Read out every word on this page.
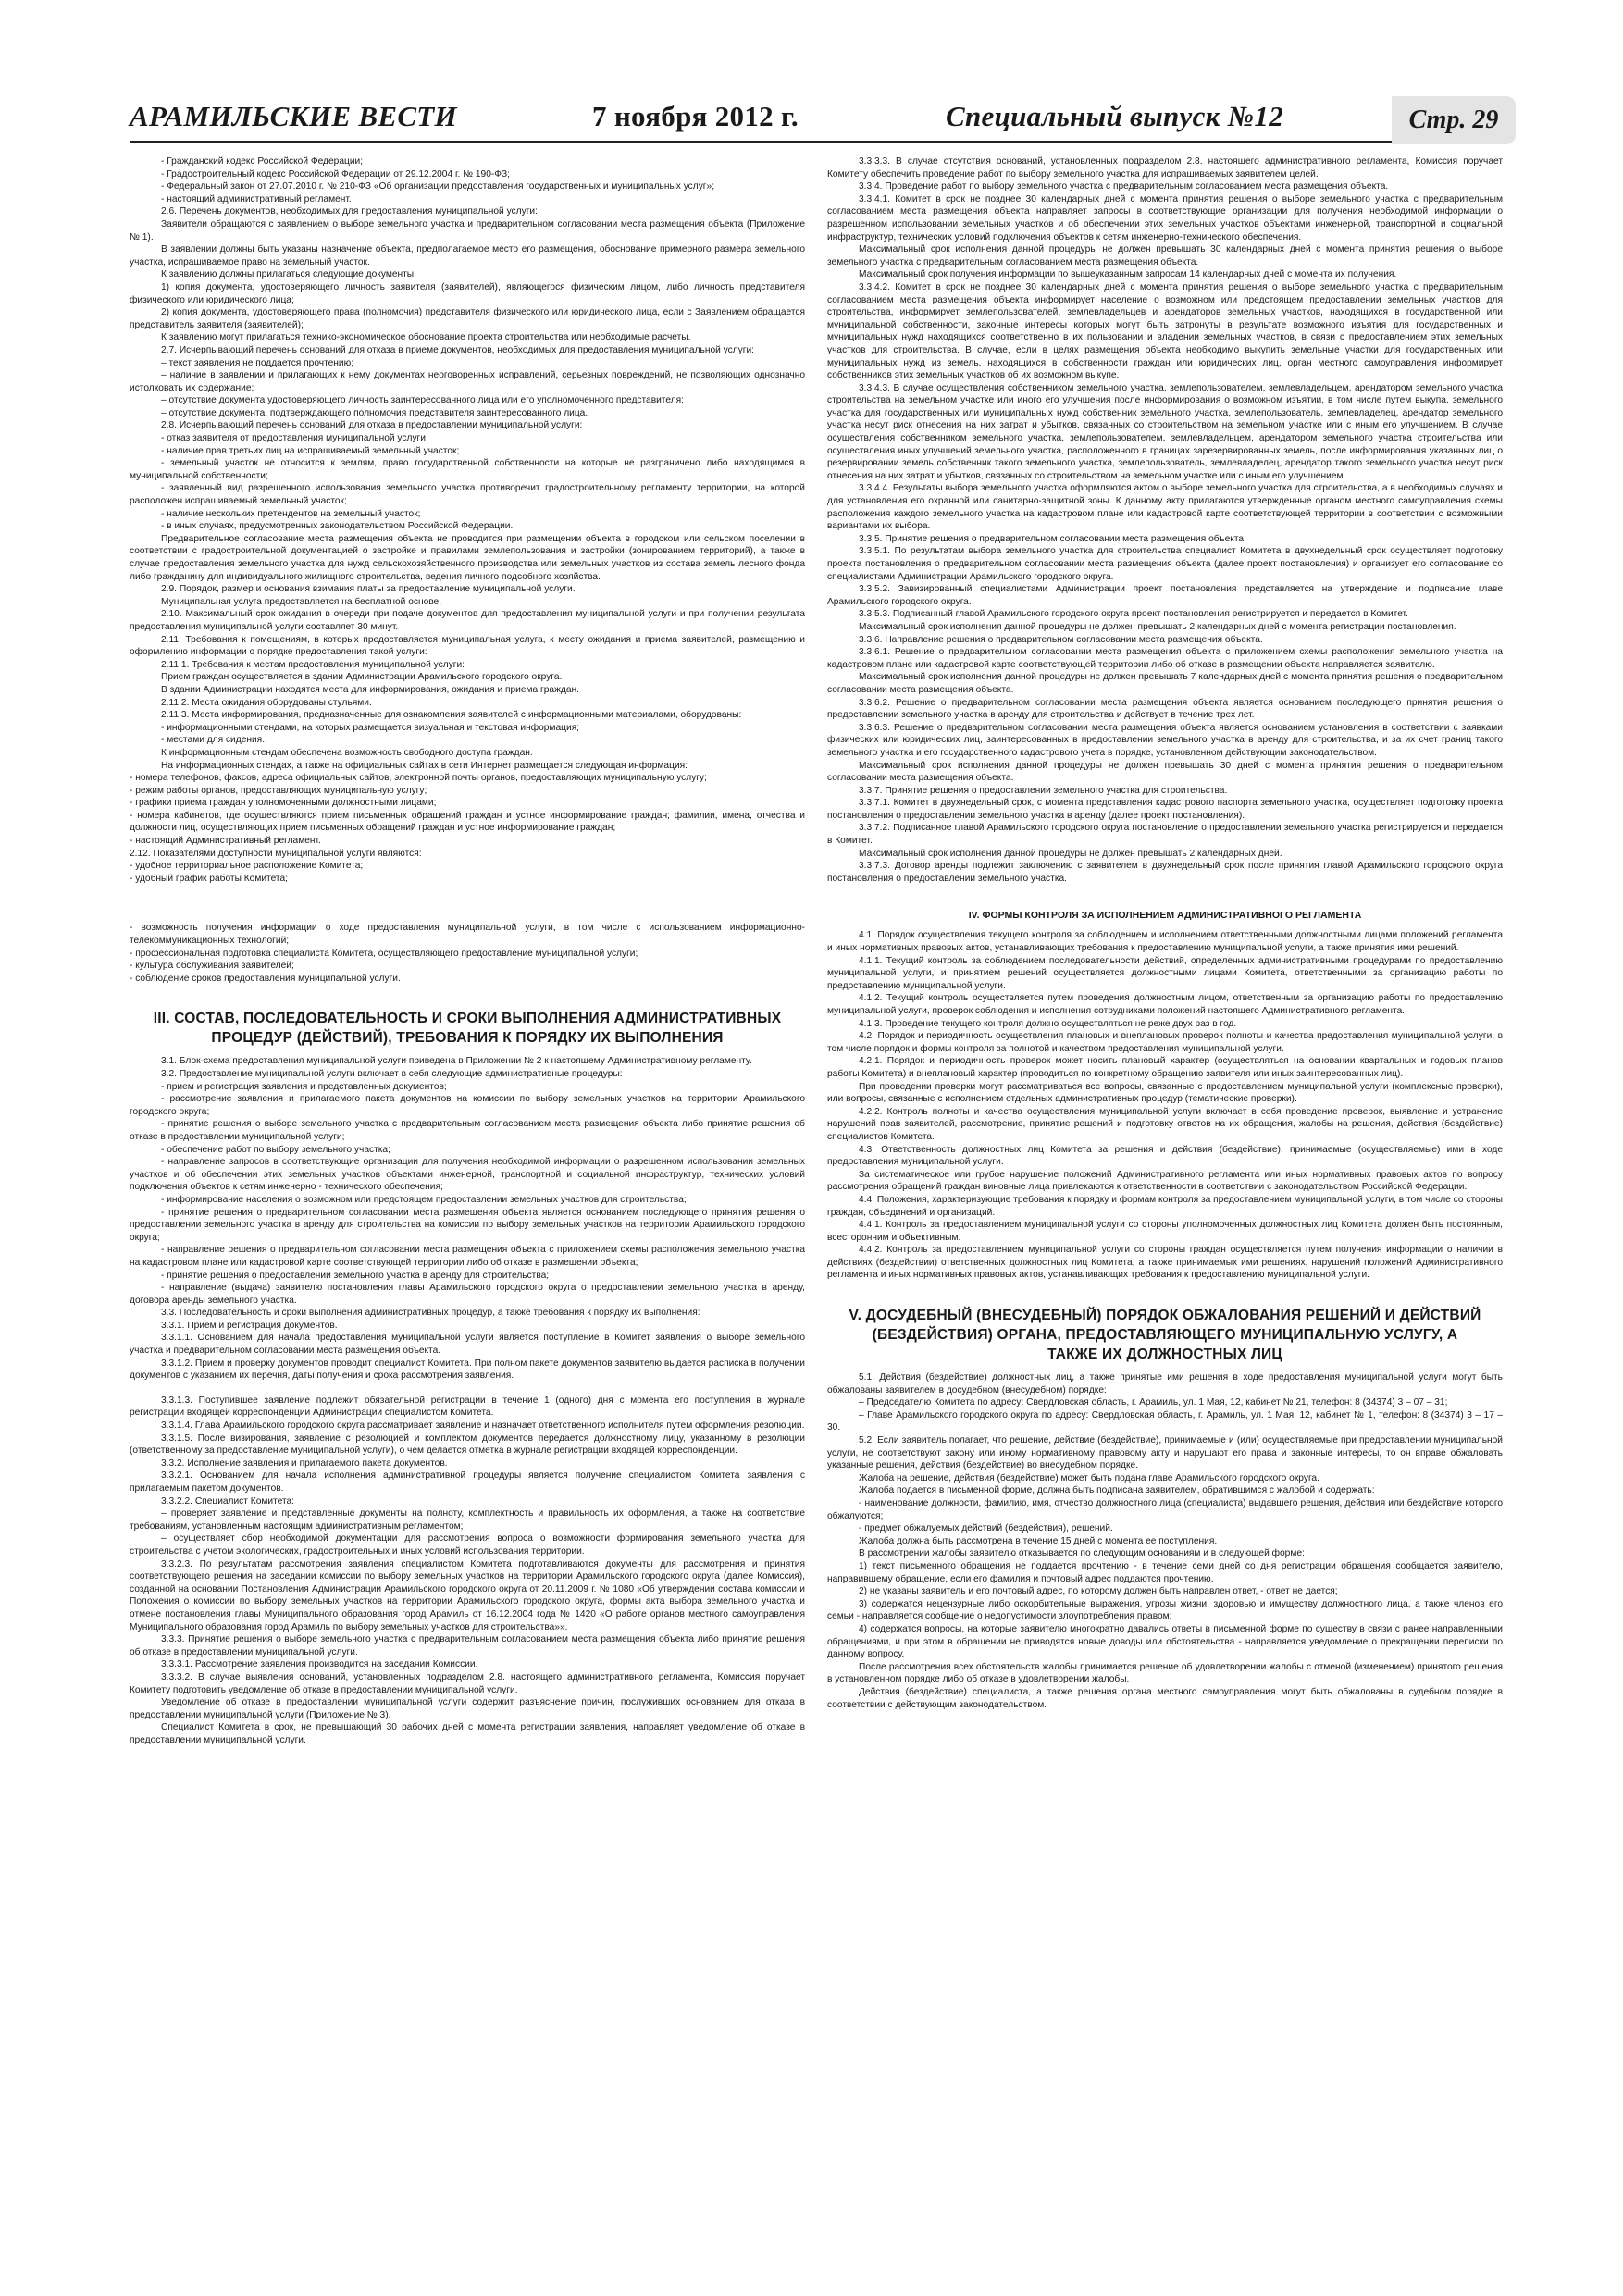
АРАМИЛЬСКИЕ ВЕСТИ	7 ноября 2012 г.	Специальный выпуск №12	Стр. 29

- Гражданский кодекс Российской Федерации;

- Градостроительный кодекс Российской Федерации от 29.12.2004 г. № 190-ФЗ;

- Федеральный закон от 27.07.2010 г. № 210-ФЗ «Об организации предоставления государственных и муниципальных услуг»;

- настоящий административный регламент.

2.6. Перечень документов, необходимых для предоставления муниципальной услуги:

Заявители обращаются с заявлением о выборе земельного участка и предварительном согласовании места размещения объекта (Приложение № 1).

В заявлении должны быть указаны назначение объекта, предполагаемое место его размещения, обоснование примерного размера земельного участка, испрашиваемое право на земельный участок.

К заявлению должны прилагаться следующие документы:

1) копия документа, удостоверяющего личность заявителя (заявителей), являющегося физическим лицом, либо личность представителя физического или юридического лица;

2) копия документа, удостоверяющего права (полномочия) представителя физического или юридического лица, если с Заявлением обращается представитель заявителя (заявителей);

К заявлению могут прилагаться технико-экономическое обоснование проекта строительства или необходимые расчеты.

2.7. Исчерпывающий перечень оснований для отказа в приеме документов, необходимых для предоставления муниципальной услуги:

– текст заявления не поддается прочтению;

– наличие в заявлении и прилагающих к нему документах неоговоренных исправлений, серьезных повреждений, не позволяющих однозначно истолковать их содержание;

– отсутствие документа удостоверяющего личность заинтересованного лица или его уполномоченного представителя;

– отсутствие документа, подтверждающего полномочия представителя заинтересованного лица.

2.8. Исчерпывающий перечень оснований для отказа в предоставлении муниципальной услуги:

- отказ заявителя от предоставления муниципальной услуги;

- наличие прав третьих лиц на испрашиваемый земельный участок;

- земельный участок не относится к землям, право государственной собственности на которые не разграничено либо находящимся в муниципальной собственности;

- заявленный вид разрешенного использования земельного участка противоречит градостроительному регламенту территории, на которой расположен испрашиваемый земельный участок;

- наличие нескольких претендентов на земельный участок;

- в иных случаях, предусмотренных законодательством Российской Федерации.

Предварительное согласование места размещения объекта не проводится при размещении объекта в городском или сельском поселении в соответствии с градостроительной документацией о застройке и правилами землепользования и застройки (зонированием территорий), а также в случае предоставления земельного участка для нужд сельскохозяйственного производства или земельных участков из состава земель лесного фонда либо гражданину для индивидуального жилищного строительства, ведения личного подсобного хозяйства.

2.9. Порядок, размер и основания взимания платы за предоставление муниципальной услуги.

Муниципальная услуга предоставляется на бесплатной основе.

2.10. Максимальный срок ожидания в очереди при подаче документов для предоставления муниципальной услуги и при получении результата предоставления муниципальной услуги составляет 30 минут.

2.11. Требования к помещениям, в которых предоставляется муниципальная услуга, к месту ожидания и приема заявителей, размещению и оформлению информации о порядке предоставления такой услуги:

2.11.1. Требования к местам предоставления муниципальной услуги:

Прием граждан осуществляется в здании Администрации Арамильского городского округа.

В здании Администрации находятся места для информирования, ожидания и приема граждан.

2.11.2. Места ожидания оборудованы стульями.

2.11.3. Места информирования, предназначенные для ознакомления заявителей с информационными материалами, оборудованы:

- информационными стендами, на которых размещается визуальная и текстовая информация;

- местами для сидения.

К информационным стендам обеспечена возможность свободного доступа граждан.

На информационных стендах, а также на официальных сайтах в сети Интернет размещается следующая информация:

- номера телефонов, факсов, адреса официальных сайтов, электронной почты органов, предоставляющих муниципальную услугу;

- режим работы органов, предоставляющих муниципальную услугу;

- графики приема граждан уполномоченными должностными лицами;

- номера кабинетов, где осуществляются прием письменных обращений граждан и устное информирование граждан; фамилии, имена, отчества и должности лиц, осуществляющих прием письменных обращений граждан и устное информирование граждан;

- настоящий Административный регламент.

2.12. Показателями доступности муниципальной услуги являются:

- удобное территориальное расположение Комитета;

- удобный график работы Комитета;

- возможность получения информации о ходе предоставления муниципальной услуги, в том числе с использованием информационно-телекоммуникационных технологий;

- профессиональная подготовка специалиста Комитета, осуществляющего предоставление муниципальной услуги;

- культура обслуживания заявителей;

- соблюдение сроков предоставления муниципальной услуги.

III. СОСТАВ, ПОСЛЕДОВАТЕЛЬНОСТЬ И СРОКИ ВЫПОЛНЕНИЯ АДМИНИСТРАТИВНЫХ ПРОЦЕДУР (ДЕЙСТВИЙ), ТРЕБОВАНИЯ К ПОРЯДКУ ИХ ВЫПОЛНЕНИЯ

3.1. Блок-схема предоставления муниципальной услуги приведена в Приложении № 2 к настоящему Административному регламенту.

3.2. Предоставление муниципальной услуги включает в себя следующие административные процедуры:

- прием и регистрация заявления и представленных документов;

- рассмотрение заявления и прилагаемого пакета документов на комиссии по выбору земельных участков на территории Арамильского городского округа;

- принятие решения о выборе земельного участка с предварительным согласованием места размещения объекта либо принятие решения об отказе в предоставлении муниципальной услуги;

- обеспечение работ по выбору земельного участка;

- направление запросов в соответствующие организации для получения необходимой информации о разрешенном использовании земельных участков и об обеспечении этих земельных участков объектами инженерной, транспортной и социальной инфраструктур, технических условий подключения объектов к сетям инженерно - технического обеспечения;

- информирование населения о возможном или предстоящем предоставлении земельных участков для строительства;

- принятие решения о предварительном согласовании места размещения объекта является основанием последующего принятия решения о предоставлении земельного участка в аренду для строительства на комиссии по выбору земельных участков на территории Арамильского городского округа;

- направление решения о предварительном согласовании места размещения объекта с приложением схемы расположения земельного участка на кадастровом плане или кадастровой карте соответствующей территории либо об отказе в размещении объекта;

- принятие решения о предоставлении земельного участка в аренду для строительства;

- направление (выдача) заявителю постановления главы Арамильского городского округа о предоставлении земельного участка в аренду, договора аренды земельного участка.

3.3. Последовательность и сроки выполнения административных процедур, а также требования к порядку их выполнения:

3.3.1. Прием и регистрация документов.

3.3.1.1. Основанием для начала предоставления муниципальной услуги является поступление в Комитет заявления о выборе земельного участка и предварительном согласовании места размещения объекта.

3.3.1.2. Прием и проверку документов проводит специалист Комитета. При полном пакете документов заявителю выдается расписка в получении документов с указанием их перечня, даты получения и срока рассмотрения заявления.

3.3.1.3. Поступившее заявление подлежит обязательной регистрации в течение 1 (одного) дня с момента его поступления в журнале регистрации входящей корреспонденции Администрации специалистом Комитета.

3.3.1.4. Глава Арамильского городского округа рассматривает заявление и назначает ответственного исполнителя путем оформления резолюции.

3.3.1.5. После визирования, заявление с резолюцией и комплектом документов передается должностному лицу, указанному в резолюции (ответственному за предоставление муниципальной услуги), о чем делается отметка в журнале регистрации входящей корреспонденции.

3.3.2. Исполнение заявления и прилагаемого пакета документов.

3.3.2.1. Основанием для начала исполнения административной процедуры является получение специалистом Комитета заявления с прилагаемым пакетом документов.

3.3.2.2. Специалист Комитета:

– проверяет заявление и представленные документы на полноту, комплектность и правильность их оформления, а также на соответствие требованиям, установленным настоящим административным регламентом;

– осуществляет сбор необходимой документации для рассмотрения вопроса о возможности формирования земельного участка для строительства с учетом экологических, градостроительных и иных условий использования территории.

3.3.2.3. По результатам рассмотрения заявления специалистом Комитета подготавливаются документы для рассмотрения и принятия соответствующего решения на заседании комиссии по выбору земельных участков на территории Арамильского городского округа (далее Комиссия), созданной на основании Постановления Администрации Арамильского городского округа от 20.11.2009 г. № 1080 «Об утверждении состава комиссии и Положения о комиссии по выбору земельных участков на территории Арамильского городского округа, формы акта выбора земельного участка и отмене постановления главы Муниципального образования город Арамиль от 16.12.2004 года № 1420 «О работе органов местного самоуправления Муниципального образования город Арамиль по выбору земельных участков для строительства»».

3.3.3. Принятие решения о выборе земельного участка с предварительным согласованием места размещения объекта либо принятие решения об отказе в предоставлении муниципальной услуги.

3.3.3.1. Рассмотрение заявления производится на заседании Комиссии.

3.3.3.2. В случае выявления оснований, установленных подразделом 2.8. настоящего административного регламента, Комиссия поручает Комитету подготовить уведомление об отказе в предоставлении муниципальной услуги.

Уведомление об отказе в предоставлении муниципальной услуги содержит разъяснение причин, послуживших основанием для отказа в предоставлении муниципальной услуги (Приложение № 3).

Специалист Комитета в срок, не превышающий 30 рабочих дней с момента регистрации заявления, направляет уведомление об отказе в предоставлении муниципальной услуги.

3.3.3.3. В случае отсутствия оснований, установленных подразделом 2.8. настоящего административного регламента, Комиссия поручает Комитету обеспечить проведение работ по выбору земельного участка для испрашиваемых заявителем целей.

3.3.4. Проведение работ по выбору земельного участка с предварительным согласованием места размещения объекта.

3.3.4.1. Комитет в срок не позднее 30 календарных дней с момента принятия решения о выборе земельного участка с предварительным согласованием места размещения объекта направляет запросы в соответствующие организации для получения необходимой информации о разрешенном использовании земельных участков и об обеспечении этих земельных участков объектами инженерной, транспортной и социальной инфраструктур, технических условий подключения объектов к сетям инженерно-технического обеспечения.

Максимальный срок исполнения данной процедуры не должен превышать 30 календарных дней с момента принятия решения о выборе земельного участка с предварительным согласованием места размещения объекта.

Максимальный срок получения информации по вышеуказанным запросам 14 календарных дней с момента их получения.

3.3.4.2. Комитет в срок не позднее 30 календарных дней с момента принятия решения о выборе земельного участка с предварительным согласованием места размещения объекта информирует население о возможном или предстоящем предоставлении земельных участков для строительства, информирует землепользователей, землевладельцев и арендаторов земельных участков, находящихся в государственной или муниципальной собственности, законные интересы которых могут быть затронуты в результате возможного изъятия для государственных и муниципальных нужд находящихся соответственно в их пользовании и владении земельных участков, в связи с предоставлением этих земельных участков для строительства. В случае, если в целях размещения объекта необходимо выкупить земельные участки для государственных или муниципальных нужд из земель, находящихся в собственности граждан или юридических лиц, орган местного самоуправления информирует собственников этих земельных участков об их возможном выкупе.

3.3.4.3. В случае осуществления собственником земельного участка, землепользователем, землевладельцем, арендатором земельного участка строительства на земельном участке или иного его улучшения после информирования о возможном изъятии, в том числе путем выкупа, земельного участка для государственных или муниципальных нужд собственник земельного участка, землепользователь, землевладелец, арендатор земельного участка несут риск отнесения на них затрат и убытков, связанных со строительством на земельном участке или с иным его улучшением. В случае осуществления собственником земельного участка, землепользователем, землевладельцем, арендатором земельного участка строительства или осуществления иных улучшений земельного участка, расположенного в границах зарезервированных земель, после информирования указанных лиц о резервировании земель собственник такого земельного участка, землепользователь, землевладелец, арендатор такого земельного участка несут риск отнесения на них затрат и убытков, связанных со строительством на земельном участке или с иным его улучшением.

3.3.4.4. Результаты выбора земельного участка оформляются актом о выборе земельного участка для строительства, а в необходимых случаях и для установления его охранной или санитарно-защитной зоны. К данному акту прилагаются утвержденные органом местного самоуправления схемы расположения каждого земельного участка на кадастровом плане или кадастровой карте соответствующей территории в соответствии с возможными вариантами их выбора.

3.3.5. Принятие решения о предварительном согласовании места размещения объекта.

3.3.5.1. По результатам выбора земельного участка для строительства специалист Комитета в двухнедельный срок осуществляет подготовку проекта постановления о предварительном согласовании места размещения объекта (далее проект постановления) и организует его согласование со специалистами Администрации Арамильского городского округа.

3.3.5.2. Завизированный специалистами Администрации проект постановления представляется на утверждение и подписание главе Арамильского городского округа.

3.3.5.3. Подписанный главой Арамильского городского округа проект постановления регистрируется и передается в Комитет.

Максимальный срок исполнения данной процедуры не должен превышать 2 календарных дней с момента регистрации постановления.

3.3.6. Направление решения о предварительном согласовании места размещения объекта.

3.3.6.1. Решение о предварительном согласовании места размещения объекта с приложением схемы расположения земельного участка на кадастровом плане или кадастровой карте соответствующей территории либо об отказе в размещении объекта направляется заявителю.

Максимальный срок исполнения данной процедуры не должен превышать 7 календарных дней с момента принятия решения о предварительном согласовании места размещения объекта.

3.3.6.2. Решение о предварительном согласовании места размещения объекта является основанием последующего принятия решения о предоставлении земельного участка в аренду для строительства и действует в течение трех лет.

3.3.6.3. Решение о предварительном согласовании места размещения объекта является основанием установления в соответствии с заявками физических или юридических лиц, заинтересованных в предоставлении земельного участка в аренду для строительства, и за их счет границ такого земельного участка и его государственного кадастрового учета в порядке, установленном действующим законодательством.

Максимальный срок исполнения данной процедуры не должен превышать 30 дней с момента принятия решения о предварительном согласовании места размещения объекта.

3.3.7. Принятие решения о предоставлении земельного участка для строительства.

3.3.7.1. Комитет в двухнедельный срок, с момента представления кадастрового паспорта земельного участка, осуществляет подготовку проекта постановления о предоставлении земельного участка в аренду (далее проект постановления).

3.3.7.2. Подписанное главой Арамильского городского округа постановление о предоставлении земельного участка регистрируется и передается в Комитет.

Максимальный срок исполнения данной процедуры не должен превышать 2 календарных дней.

3.3.7.3. Договор аренды подлежит заключению с заявителем в двухнедельный срок после принятия главой Арамильского городского округа постановления о предоставлении земельного участка.

IV. ФОРМЫ КОНТРОЛЯ ЗА ИСПОЛНЕНИЕМ АДМИНИСТРАТИВНОГО РЕГЛАМЕНТА

4.1. Порядок осуществления текущего контроля за соблюдением и исполнением ответственными должностными лицами положений регламента и иных нормативных правовых актов, устанавливающих требования к предоставлению муниципальной услуги, а также принятия ими решений.

4.1.1. Текущий контроль за соблюдением последовательности действий, определенных административными процедурами по предоставлению муниципальной услуги, и принятием решений осуществляется должностными лицами Комитета, ответственными за организацию работы по предоставлению муниципальной услуги.

4.1.2. Текущий контроль осуществляется путем проведения должностным лицом, ответственным за организацию работы по предоставлению муниципальной услуги, проверок соблюдения и исполнения сотрудниками положений настоящего Административного регламента.

4.1.3. Проведение текущего контроля должно осуществляться не реже двух раз в год.

4.2. Порядок и периодичность осуществления плановых и внеплановых проверок полноты и качества предоставления муниципальной услуги, в том числе порядок и формы контроля за полнотой и качеством предоставления муниципальной услуги.

4.2.1. Порядок и периодичность проверок может носить плановый характер (осуществляться на основании квартальных и годовых планов работы Комитета) и внеплановый характер (проводиться по конкретному обращению заявителя или иных заинтересованных лиц).

При проведении проверки могут рассматриваться все вопросы, связанные с предоставлением муниципальной услуги (комплексные проверки), или вопросы, связанные с исполнением отдельных административных процедур (тематические проверки).

4.2.2. Контроль полноты и качества осуществления муниципальной услуги включает в себя проведение проверок, выявление и устранение нарушений прав заявителей, рассмотрение, принятие решений и подготовку ответов на их обращения, жалобы на решения, действия (бездействие) специалистов Комитета.

4.3. Ответственность должностных лиц Комитета за решения и действия (бездействие), принимаемые (осуществляемые) ими в ходе предоставления муниципальной услуги.

За систематическое или грубое нарушение положений Административного регламента или иных нормативных правовых актов по вопросу рассмотрения обращений граждан виновные лица привлекаются к ответственности в соответствии с законодательством Российской Федерации.

4.4. Положения, характеризующие требования к порядку и формам контроля за предоставлением муниципальной услуги, в том числе со стороны граждан, объединений и организаций.

4.4.1. Контроль за предоставлением муниципальной услуги со стороны уполномоченных должностных лиц Комитета должен быть постоянным, всесторонним и объективным.

4.4.2. Контроль за предоставлением муниципальной услуги со стороны граждан осуществляется путем получения информации о наличии в действиях (бездействии) ответственных должностных лиц Комитета, а также принимаемых ими решениях, нарушений положений Административного регламента и иных нормативных правовых актов, устанавливающих требования к предоставлению муниципальной услуги.

V. ДОСУДЕБНЫЙ (ВНЕСУДЕБНЫЙ) ПОРЯДОК ОБЖАЛОВАНИЯ РЕШЕНИЙ И ДЕЙСТВИЙ (БЕЗДЕЙСТВИЯ) ОРГАНА, ПРЕДОСТАВЛЯЮЩЕГО МУНИЦИПАЛЬНУЮ УСЛУГУ, А ТАКЖЕ ИХ ДОЛЖНОСТНЫХ ЛИЦ

5.1. Действия (бездействие) должностных лиц, а также принятые ими решения в ходе предоставления муниципальной услуги могут быть обжалованы заявителем в досудебном (внесудебном) порядке:

– Председателю Комитета по адресу: Свердловская область, г. Арамиль, ул. 1 Мая, 12, кабинет № 21, телефон: 8 (34374) 3 – 07 – 31;

– Главе Арамильского городского округа по адресу: Свердловская область, г. Арамиль, ул. 1 Мая, 12, кабинет № 1, телефон: 8 (34374) 3 – 17 – 30.

5.2. Если заявитель полагает, что решение, действие (бездействие), принимаемые и (или) осуществляемые при предоставлении муниципальной услуги, не соответствуют закону или иному нормативному правовому акту и нарушают его права и законные интересы, то он вправе обжаловать указанные решения, действия (бездействие) во внесудебном порядке.

Жалоба на решение, действия (бездействие) может быть подана главе Арамильского городского округа.

Жалоба подается в письменной форме, должна быть подписана заявителем, обратившимся с жалобой и содержать:

- наименование должности, фамилию, имя, отчество должностного лица (специалиста) выдавшего решения, действия или бездействие которого обжалуются;

- предмет обжалуемых действий (бездействия), решений.

Жалоба должна быть рассмотрена в течение 15 дней с момента ее поступления.

В рассмотрении жалобы заявителю отказывается по следующим основаниям и в следующей форме:

1) текст письменного обращения не поддается прочтению - в течение семи дней со дня регистрации обращения сообщается заявителю, направившему обращение, если его фамилия и почтовый адрес поддаются прочтению.

2) не указаны заявитель и его почтовый адрес, по которому должен быть направлен ответ, - ответ не дается;

3) содержатся нецензурные либо оскорбительные выражения, угрозы жизни, здоровью и имуществу должностного лица, а также членов его семьи - направляется сообщение о недопустимости злоупотребления правом;

4) содержатся вопросы, на которые заявителю многократно давались ответы в письменной форме по существу в связи с ранее направленными обращениями, и при этом в обращении не приводятся новые доводы или обстоятельства - направляется уведомление о прекращении переписки по данному вопросу.

После рассмотрения всех обстоятельств жалобы принимается решение об удовлетворении жалобы с отменой (изменением) принятого решения в установленном порядке либо об отказе в удовлетворении жалобы.

Действия (бездействие) специалиста, а также решения органа местного самоуправления могут быть обжалованы в судебном порядке в соответствии с действующим законодательством.
